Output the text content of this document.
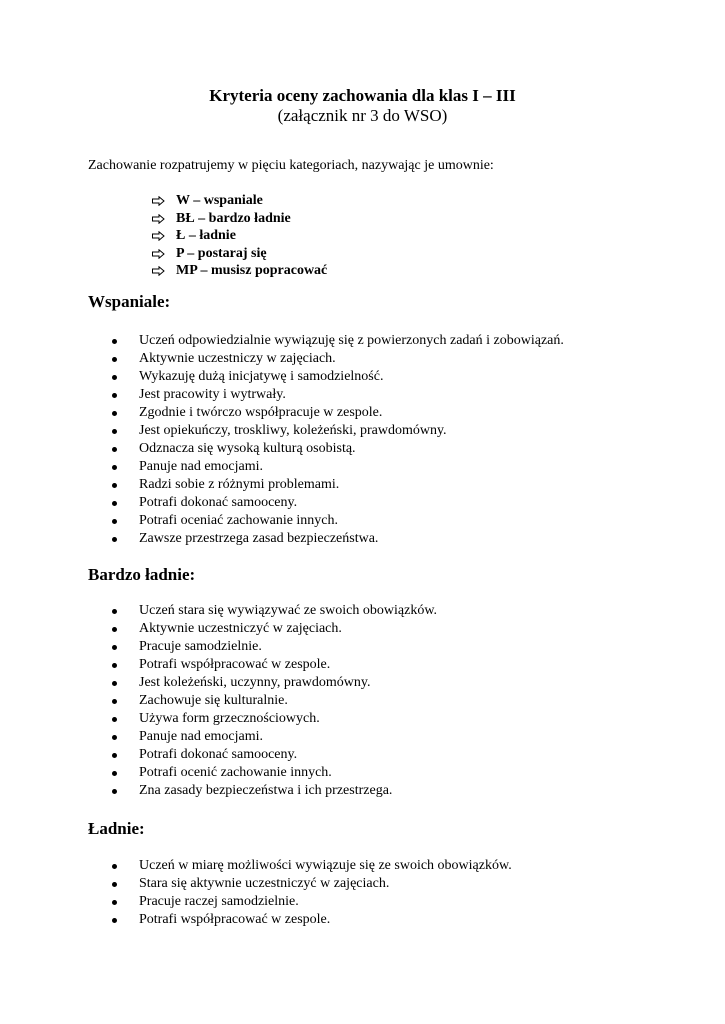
Kryteria oceny zachowania dla klas I – III
(załącznik nr 3 do WSO)
Zachowanie rozpatrujemy w pięciu kategoriach, nazywając je umownie:
W – wspaniale
BŁ – bardzo ładnie
Ł – ładnie
P – postaraj się
MP – musisz popracować
Wspaniale:
Uczeń odpowiedzialnie wywiązuję się z powierzonych zadań i zobowiązań.
Aktywnie uczestniczy w zajęciach.
Wykazuję dużą inicjatywę i samodzielność.
Jest pracowity i wytrwały.
Zgodnie i twórczo współpracuje w zespole.
Jest opiekuńczy, troskliwy, koleżeński, prawdomówny.
Odznacza się wysoką kulturą osobistą.
Panuje nad emocjami.
Radzi sobie z różnymi problemami.
Potrafi dokonać samooceny.
Potrafi oceniać zachowanie innych.
Zawsze przestrzega zasad bezpieczeństwa.
Bardzo ładnie:
Uczeń stara się wywiązywać ze swoich obowiązków.
Aktywnie uczestniczyć w zajęciach.
Pracuje samodzielnie.
Potrafi współpracować w zespole.
Jest koleżeński, uczynny, prawdomówny.
Zachowuje się kulturalnie.
Używa form grzecznościowych.
Panuje nad emocjami.
Potrafi dokonać samooceny.
Potrafi ocenić zachowanie innych.
Zna zasady bezpieczeństwa i ich przestrzega.
Ładnie:
Uczeń w miarę możliwości wywiązuje się ze swoich obowiązków.
Stara się aktywnie uczestniczyć w zajęciach.
Pracuje raczej samodzielnie.
Potrafi współpracować w zespole.
